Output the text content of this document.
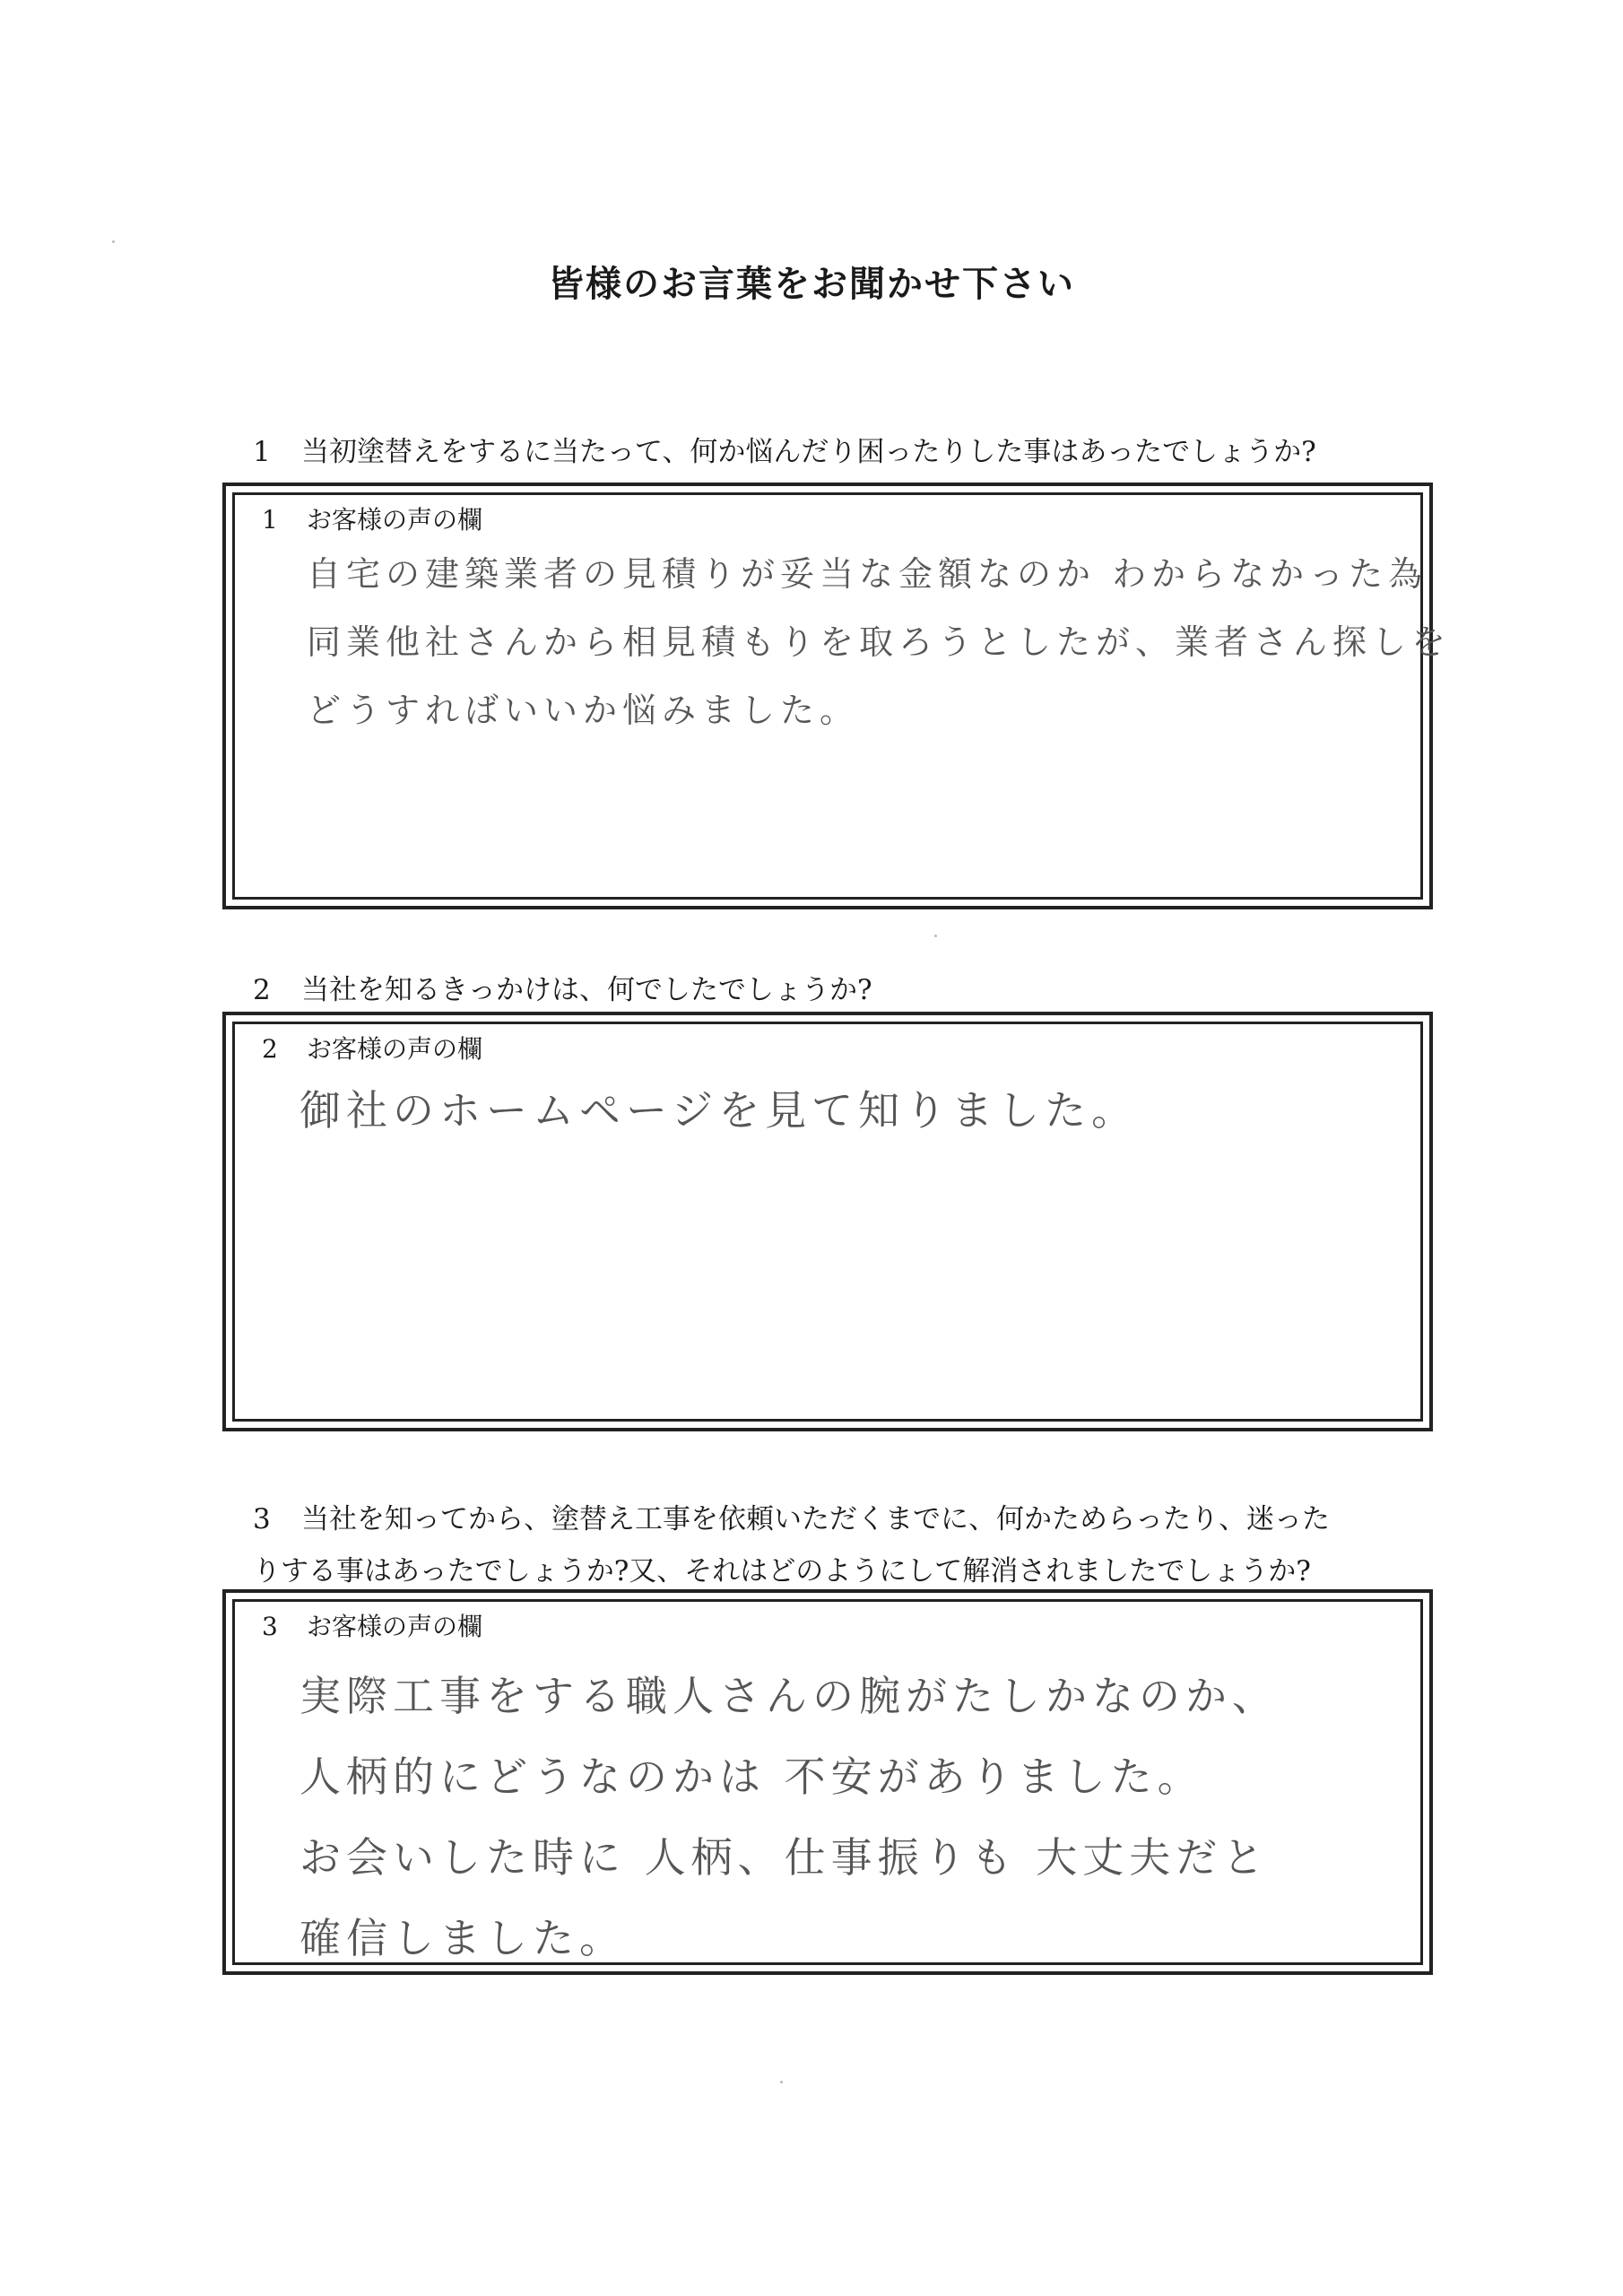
皆様のお言葉をお聞かせ下さい
1 当初塗替えをするに当たって、何か悩んだり困ったりした事はあったでしょうか?
1 お客様の声の欄
自宅の建築業者の見積りが妥当な金額なのか わからなかった為
同業他社さんから相見積もりを取ろうとしたが、業者さん探しを
どうすればいいか悩みました。
2 当社を知るきっかけは、何でしたでしょうか?
2 お客様の声の欄
御社のホームページを見て知りました。
3 当社を知ってから、塗替え工事を依頼いただくまでに、何かためらったり、迷った
りする事はあったでしょうか?又、それはどのようにして解消されましたでしょうか?
3 お客様の声の欄
実際工事をする職人さんの腕がたしかなのか、
人柄的にどうなのかは 不安がありました。
お会いした時に 人柄、仕事振りも 大丈夫だと
確信しました。
